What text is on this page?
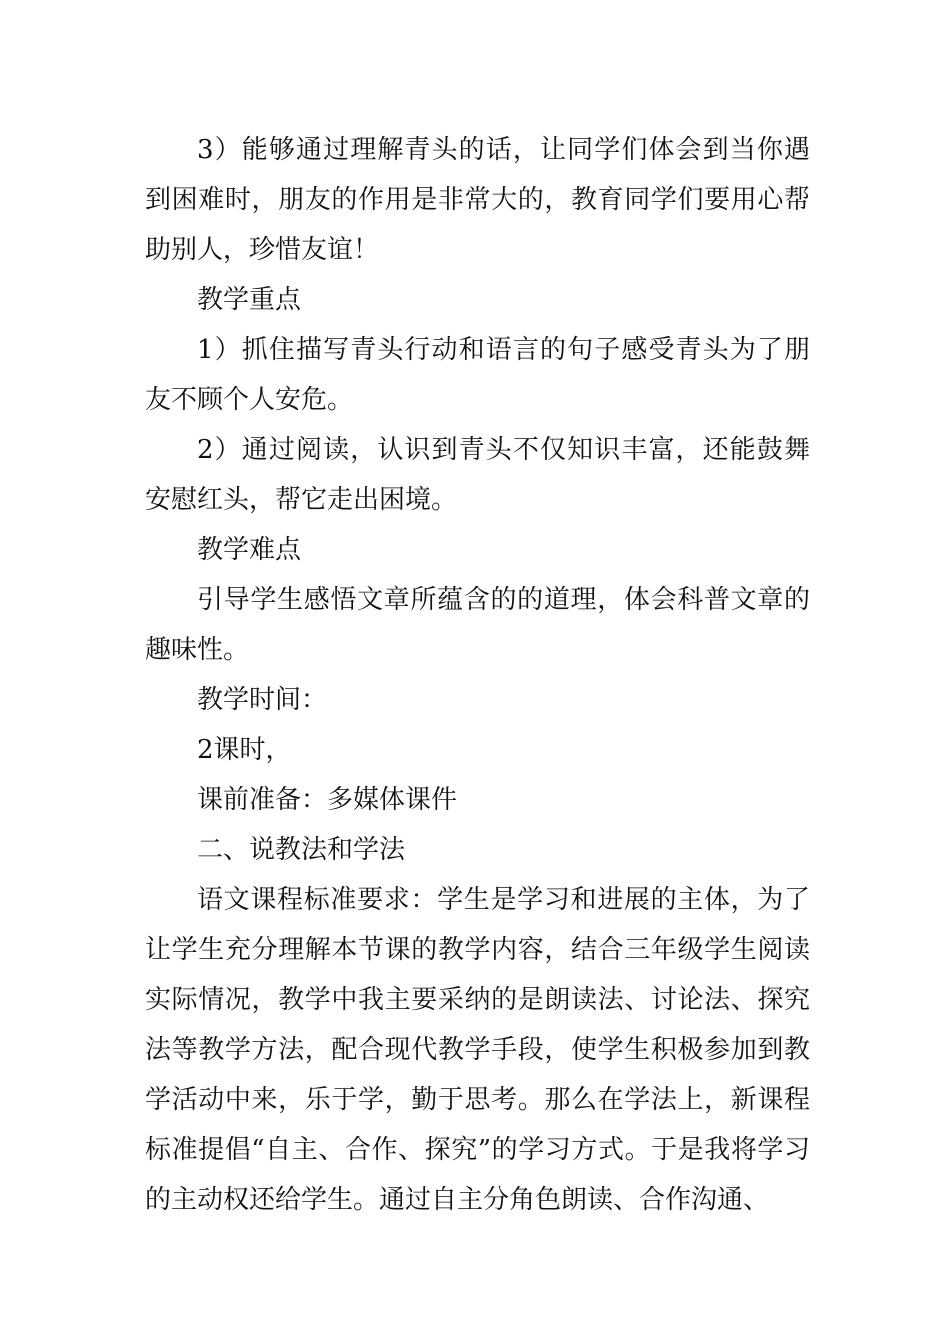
3）能够通过理解青头的话，让同学们体会到当你遇到困难时，朋友的作用是非常大的，教育同学们要用心帮助别人，珍惜友谊！

教学重点

1）抓住描写青头行动和语言的句子感受青头为了朋友不顾个人安危。

2）通过阅读，认识到青头不仅知识丰富，还能鼓舞安慰红头，帮它走出困境。

教学难点

引导学生感悟文章所蕴含的的道理，体会科普文章的趣味性。

教学时间：

2课时，

课前准备：多媒体课件

二、说教法和学法

语文课程标准要求：学生是学习和进展的主体，为了让学生充分理解本节课的教学内容，结合三年级学生阅读实际情况，教学中我主要采纳的是朗读法、讨论法、探究法等教学方法，配合现代教学手段，使学生积极参加到教学活动中来，乐于学，勤于思考。那么在学法上，新课程标准提倡“自主、合作、探究”的学习方式。于是我将学习的主动权还给学生。通过自主分角色朗读、合作沟通、
